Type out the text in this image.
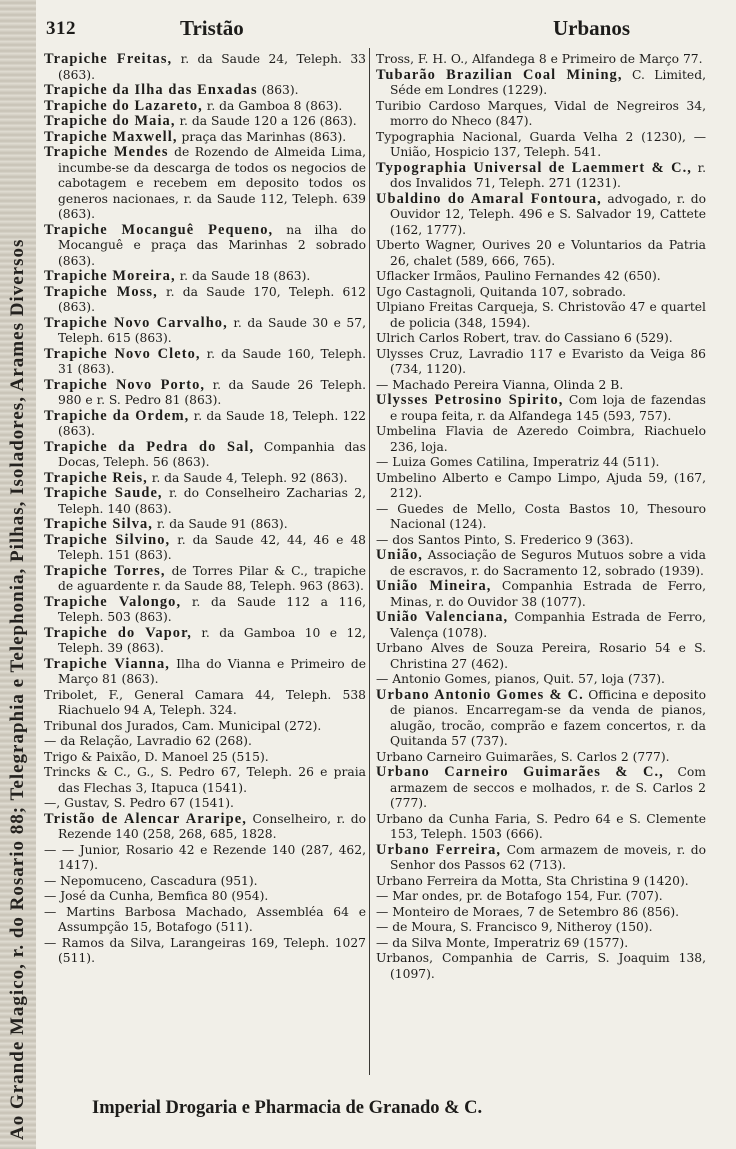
Ao Grande Magico, r. do Rosario 88; Telegraphia e Telephonia, Pilhas, Isoladores, Arames Diversos
312	Tristão	Urbanos
Trapiche Freitas, r. da Saude 24, Teleph. 33 (863).
Trapiche da Ilha das Enxadas (863).
Trapiche do Lazareto, r. da Gamboa 8 (863).
Trapiche do Maia, r. da Saude 120 a 126 (863).
Trapiche Maxwell, praça das Marinhas (863).
Trapiche Mendes de Rozendo de Almeida Lima, incumbe-se da descarga de todos os negocios de cabotagem e recebem em deposito todos os generos nacionaes, r. da Saude 112, Teleph. 639 (863).
Trapiche Mocanguê Pequeno, na ilha do Mocanguê e praça das Marinhas 2 sobrado (863).
Trapiche Moreira, r. da Saude 18 (863).
Trapiche Moss, r. da Saude 170, Teleph. 612 (863).
Trapiche Novo Carvalho, r. da Saude 30 e 57, Teleph. 615 (863).
Trapiche Novo Cleto, r. da Saude 160, Teleph. 31 (863).
Trapiche Novo Porto, r. da Saude 26 Teleph. 980 e r. S. Pedro 81 (863).
Trapiche da Ordem, r. da Saude 18, Teleph. 122 (863).
Trapiche da Pedra do Sal, Companhia das Docas, Teleph. 56 (863).
Trapiche Reis, r. da Saude 4, Teleph. 92 (863).
Trapiche Saude, r. do Conselheiro Zacharias 2, Teleph. 140 (863).
Trapiche Silva, r. da Saude 91 (863).
Trapiche Silvino, r. da Saude 42, 44, 46 e 48 Teleph. 151 (863).
Trapiche Torres, de Torres Pilar & C., trapiche de aguardente r. da Saude 88, Teleph. 963 (863).
Trapiche Valongo, r. da Saude 112 a 116, Teleph. 503 (863).
Trapiche do Vapor, r. da Gamboa 10 e 12, Teleph. 39 (863).
Trapiche Vianna, Ilha do Vianna e Primeiro de Março 81 (863).
Tribolet, F., General Camara 44, Teleph. 538 Riachuelo 94 A, Teleph. 324.
Tribunal dos Jurados, Cam. Municipal (272).
— da Relação, Lavradio 62 (268).
Trigo & Paixão, D. Manoel 25 (515).
Trincks & C., G., S. Pedro 67, Teleph. 26 e praia das Flechas 3, Itapuca (1541).
—, Gustav, S. Pedro 67 (1541).
Tristão de Alencar Araripe, Conselheiro, r. do Rezende 140 (258, 268, 685, 1828.
— — Junior, Rosario 42 e Rezende 140 (287, 462, 1417).
— Nepomuceno, Cascadura (951).
— José da Cunha, Bemfica 80 (954).
— Martins Barbosa Machado, Assembléa 64 e Assumpção 15, Botafogo (511).
— Ramos da Silva, Larangeiras 169, Teleph. 1027 (511).
Tross, F. H. O., Alfandega 8 e Primeiro de Março 77.
Tubarão Brazilian Coal Mining, C. Limited, Séde em Londres (1229).
Turibio Cardoso Marques, Vidal de Negreiros 34, morro do Nheco (847).
Typographia Nacional, Guarda Velha 2 (1230), — União, Hospicio 137, Teleph. 541.
Typographia Universal de Laemmert & C., r. dos Invalidos 71, Teleph. 271 (1231).
Ubaldino do Amaral Fontoura, advogado, r. do Ouvidor 12, Teleph. 496 e S. Salvador 19, Cattete (162, 1777).
Uberto Wagner, Ourives 20 e Voluntarios da Patria 26, chalet (589, 666, 765).
Uflacker Irmãos, Paulino Fernandes 42 (650).
Ugo Castagnoli, Quitanda 107, sobrado.
Ulpiano Freitas Carqueja, S. Christovão 47 e quartel de policia (348, 1594).
Ulrich Carlos Robert, trav. do Cassiano 6 (529).
Ulysses Cruz, Lavradio 117 e Evaristo da Veiga 86 (734, 1120).
— Machado Pereira Vianna, Olinda 2 B.
Ulysses Petrosino Spirito, Com loja de fazendas e roupa feita, r. da Alfandega 145 (593, 757).
Umbelina Flavia de Azeredo Coimbra, Riachuelo 236, loja.
— Luiza Gomes Catilina, Imperatriz 44 (511).
Umbelino Alberto e Campo Limpo, Ajuda 59, (167, 212).
— Guedes de Mello, Costa Bastos 10, Thesouro Nacional (124).
— dos Santos Pinto, S. Frederico 9 (363).
União, Associação de Seguros Mutuos sobre a vida de escravos, r. do Sacramento 12, sobrado (1939).
União Mineira, Companhia Estrada de Ferro, Minas, r. do Ouvidor 38 (1077).
União Valenciana, Companhia Estrada de Ferro, Valença (1078).
Urbano Alves de Souza Pereira, Rosario 54 e S. Christina 27 (462).
— Antonio Gomes, pianos, Quit. 57, loja (737).
Urbano Antonio Gomes & C. Officina e deposito de pianos. Encarregam-se da venda de pianos, alugão, trocão, comprão e fazem concertos, r. da Quitanda 57 (737).
Urbano Carneiro Guimarães, S. Carlos 2 (777).
Urbano Carneiro Guimarães & C., Com armazem de seccos e molhados, r. de S. Carlos 2 (777).
Urbano da Cunha Faria, S. Pedro 64 e S. Clemente 153, Teleph. 1503 (666).
Urbano Ferreira, Com armazem de moveis, r. do Senhor dos Passos 62 (713).
Urbano Ferreira da Motta, Sta Christina 9 (1420).
— Mar ondes, pr. de Botafogo 154, Fur. (707).
— Monteiro de Moraes, 7 de Setembro 86 (856).
— de Moura, S. Francisco 9, Nitheroy (150).
— da Silva Monte, Imperatriz 69 (1577).
Urbanos, Companhia de Carris, S. Joaquim 138, (1097).
Imperial Drogaria e Pharmacia de Granado & C.
